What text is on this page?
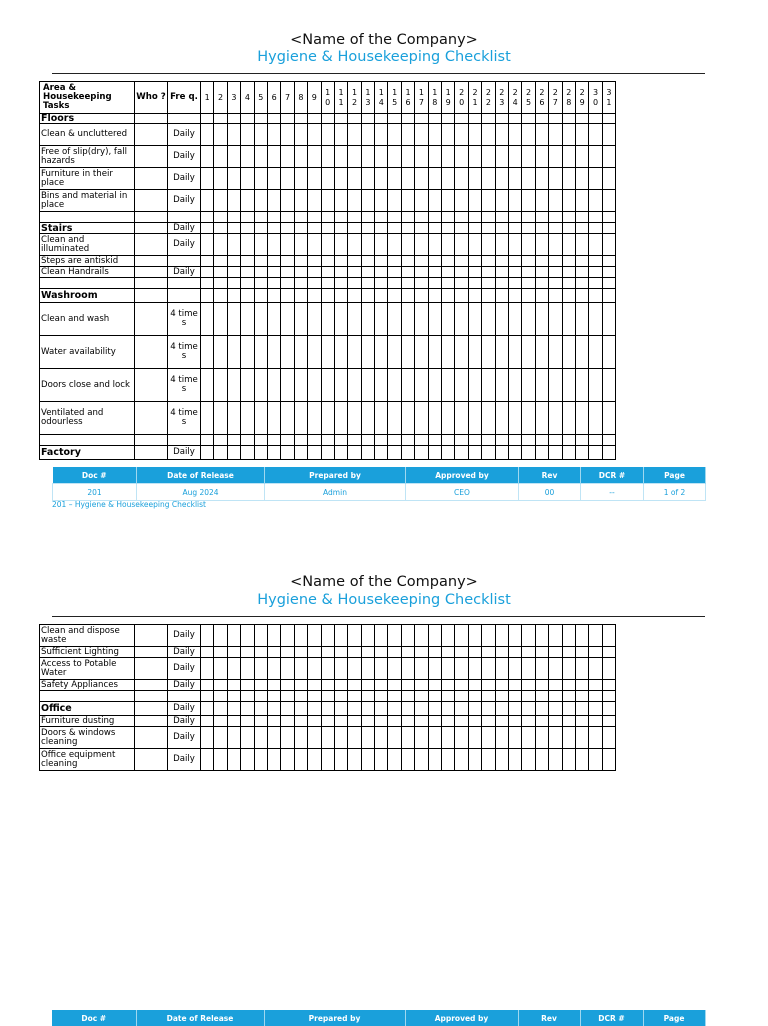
<Name of the Company>
Hygiene & Housekeeping Checklist
Area & Housekeeping Tasks	Who ?	Fre q.	1	2	3	4	5	6	7	8	9	1 0	1 1	1 2	1 3	1 4	1 5	1 6	1 7	1 8	1 9	2 0	2 1	2 2	2 3	2 4	2 5	2 6	2 7	2 8	2 9	3 0	3 1
Floors																																	
Clean & uncluttered		Daily																															
Free of slip(dry), fall hazards		Daily																															
Furniture in their place		Daily																															
Bins and material in place		Daily																															

Stairs		Daily																															
Clean and illuminated		Daily																															
Steps are antiskid																																	
Clean Handrails		Daily																															

Washroom																																	
Clean and wash		4 time s																															
Water availability		4 time s																															
Doors close and lock		4 time s																															
Ventilated and odourless		4 time s																															

Factory		Daily																															
Doc #	Date of Release	Prepared by	Approved by	Rev	DCR #	Page
201	Aug 2024	Admin	CEO	00	--	1 of 2
201 – Hygiene & Housekeeping Checklist
<Name of the Company>
Hygiene & Housekeeping Checklist
Clean and dispose waste		Daily																															
Sufficient Lighting		Daily																															
Access to Potable Water		Daily																															
Safety Appliances		Daily																															

Office		Daily																															
Furniture dusting		Daily																															
Doors & windows cleaning		Daily																															
Office equipment cleaning		Daily																															
Doc #	Date of Release	Prepared by	Approved by	Rev	DCR #	Page
